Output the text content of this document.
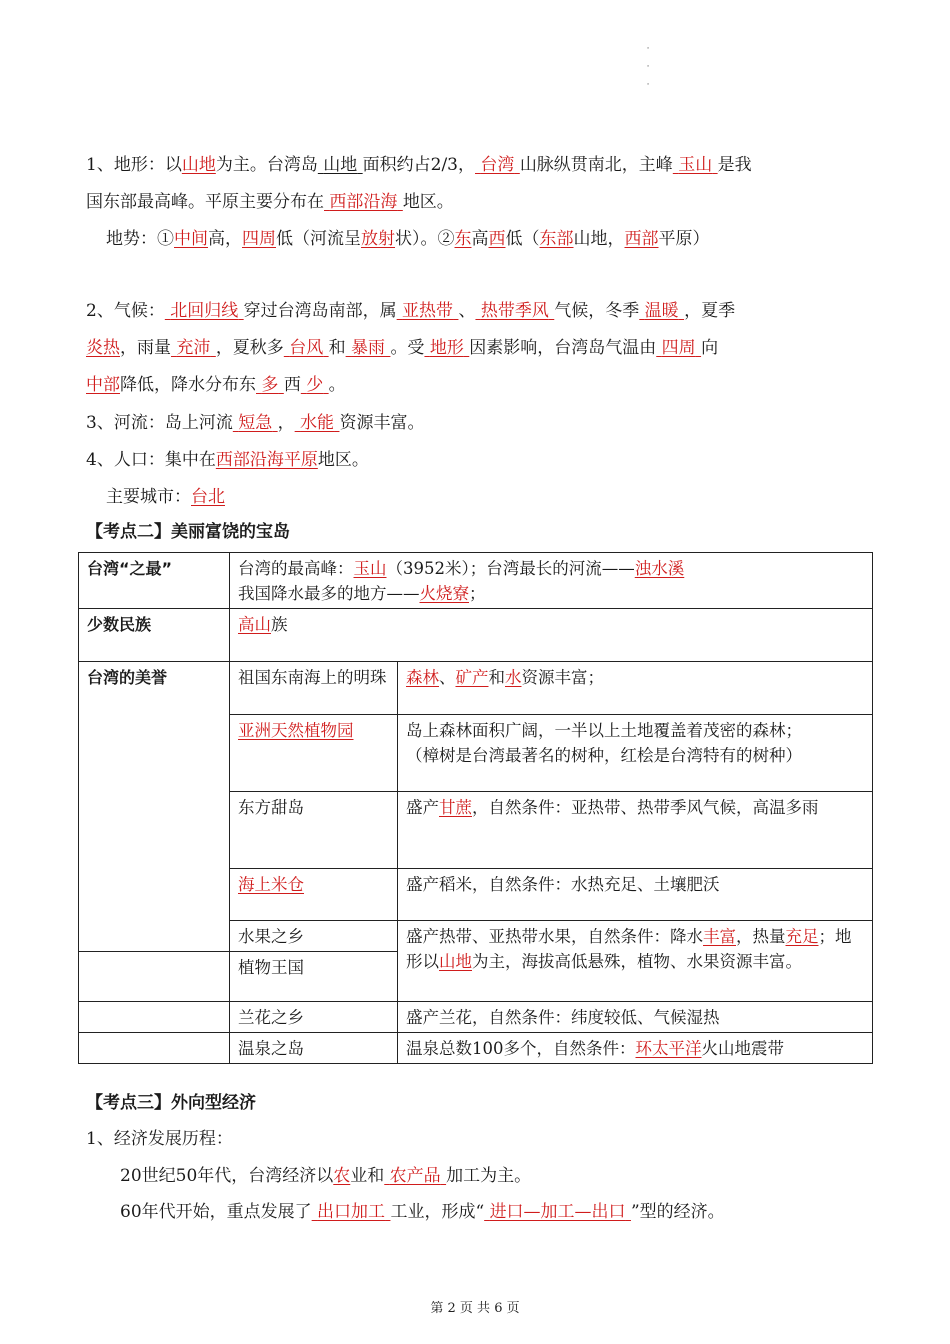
·
·
·
1、地形：以山地为主。台湾岛 山地 面积约占2/3， 台湾 山脉纵贯南北，主峰 玉山 是我
国东部最高峰。平原主要分布在 西部沿海 地区。
地势：①中间高，四周低（河流呈放射状）。②东高西低（东部山地，西部平原）
2、气候： 北回归线 穿过台湾岛南部，属 亚热带 、 热带季风 气候，冬季 温暖 ，夏季
炎热，雨量 充沛 ，夏秋多 台风 和 暴雨 。受 地形 因素影响，台湾岛气温由 四周 向
中部降低，降水分布东 多 西 少 。
3、河流：岛上河流 短急 ， 水能 资源丰富。
4、人口：集中在西部沿海平原地区。
主要城市：台北
【考点二】美丽富饶的宝岛
台湾“之最”	台湾的最高峰：玉山（3952米）；台湾最长的河流——浊水溪
我国降水最多的地方——火烧寮；	
少数民族	高山族	
台湾的美誉	祖国东南海上的明珠	森林、矿产和水资源丰富；
	亚洲天然植物园	岛上森林面积广阔，一半以上土地覆盖着茂密的森林；
（樟树是台湾最著名的树种，红桧是台湾特有的树种）
	东方甜岛	盛产甘蔗，自然条件：亚热带、热带季风气候，高温多雨
	海上米仓	盛产稻米，自然条件：水热充足、土壤肥沃
	水果之乡	盛产热带、亚热带水果，自然条件：降水丰富，热量充足；地形以山地为主，海拔高低悬殊，植物、水果资源丰富。
	植物王国	
	兰花之乡	盛产兰花，自然条件：纬度较低、气候湿热
	温泉之岛	温泉总数100多个，自然条件：环太平洋火山地震带
【考点三】外向型经济
1、经济发展历程：
20世纪50年代，台湾经济以农业和 农产品 加工为主。
60年代开始，重点发展了 出口加工 工业，形成“ 进口—加工—出口 ”型的经济。
第 2 页 共 6 页
